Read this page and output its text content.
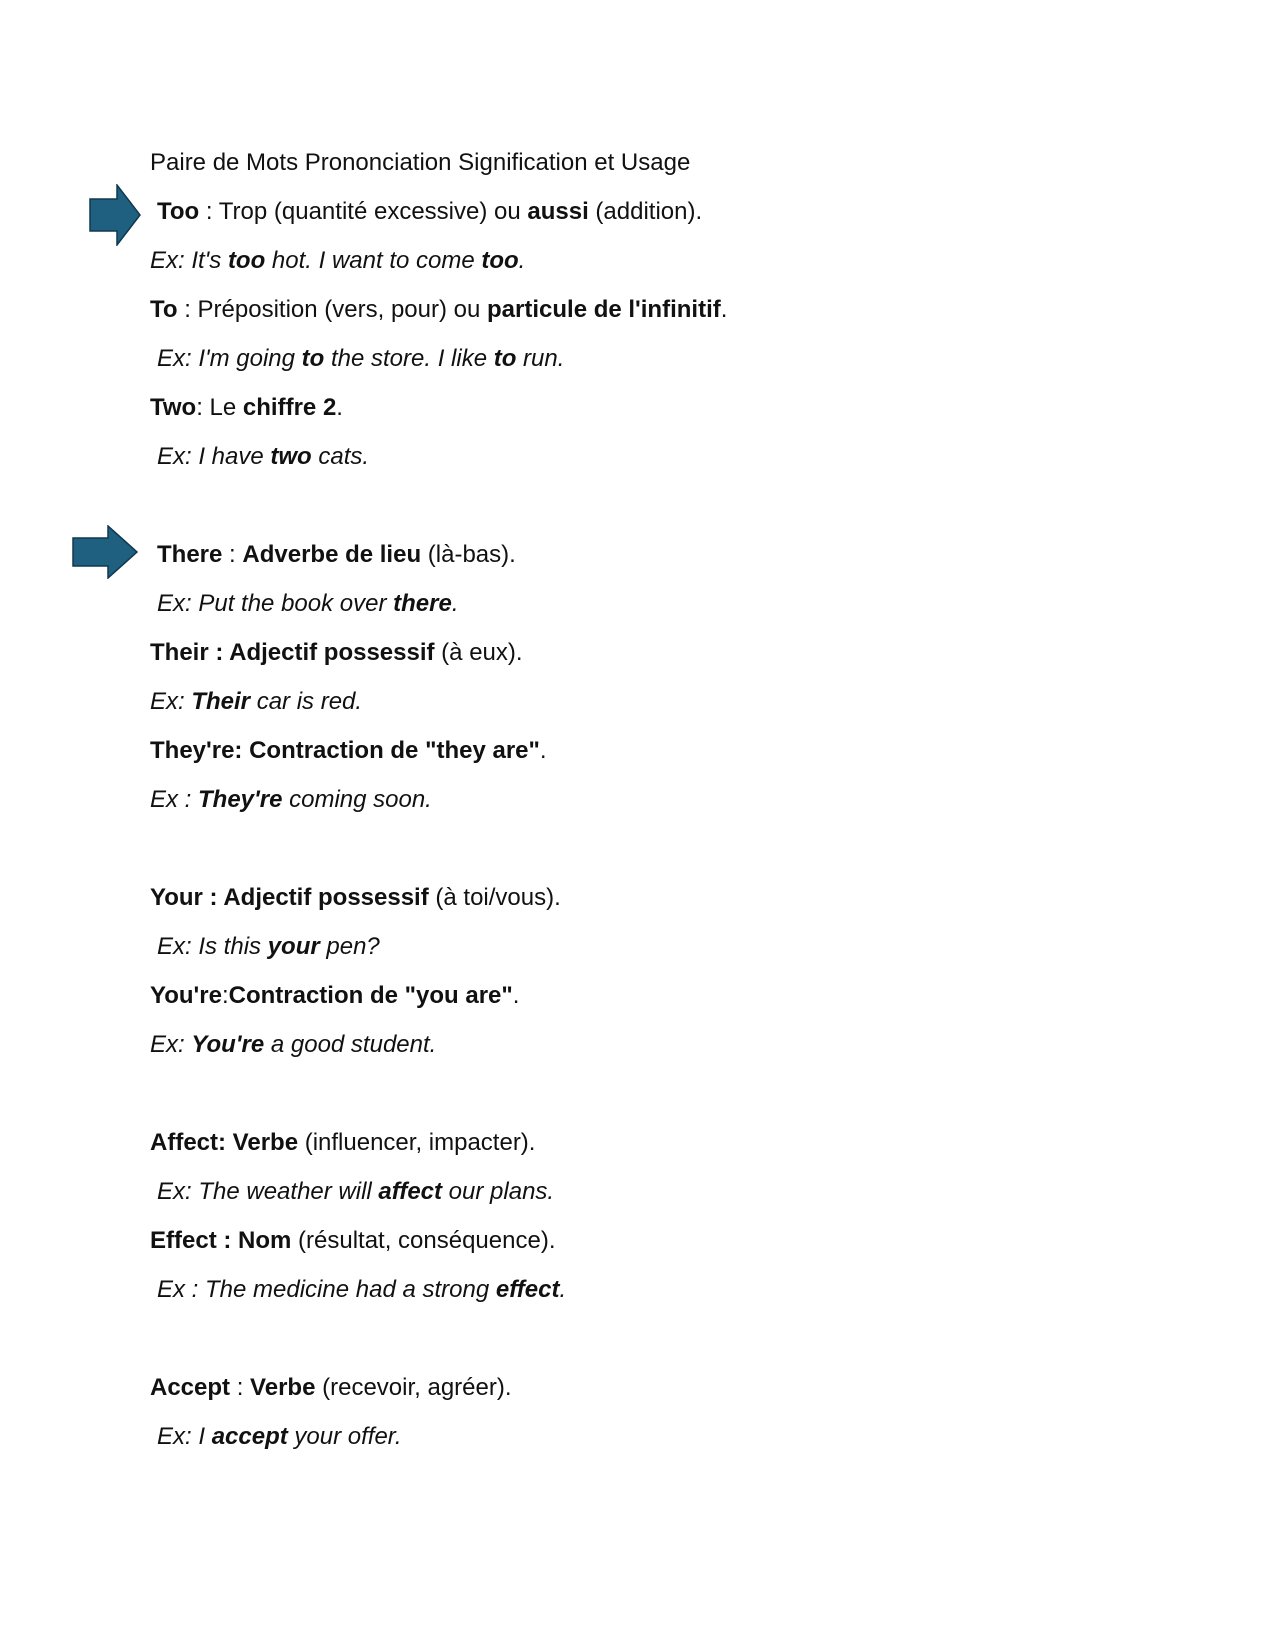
Paire de Mots Prononciation Signification et Usage
Too : Trop (quantité excessive) ou aussi (addition).
Ex: It's too hot. I want to come too.
To : Préposition (vers, pour) ou particule de l'infinitif.
Ex: I'm going to the store. I like to run.
Two: Le chiffre 2.
Ex: I have two cats.
There : Adverbe de lieu (là-bas).
Ex: Put the book over there.
Their : Adjectif possessif (à eux).
Ex: Their car is red.
They're: Contraction de "they are".
Ex : They're coming soon.
Your : Adjectif possessif (à toi/vous).
Ex: Is this your pen?
You're:Contraction de "you are".
Ex: You're a good student.
Affect: Verbe (influencer, impacter).
Ex: The weather will affect our plans.
Effect : Nom (résultat, conséquence).
Ex : The medicine had a strong effect.
Accept : Verbe (recevoir, agréer).
Ex: I accept your offer.
